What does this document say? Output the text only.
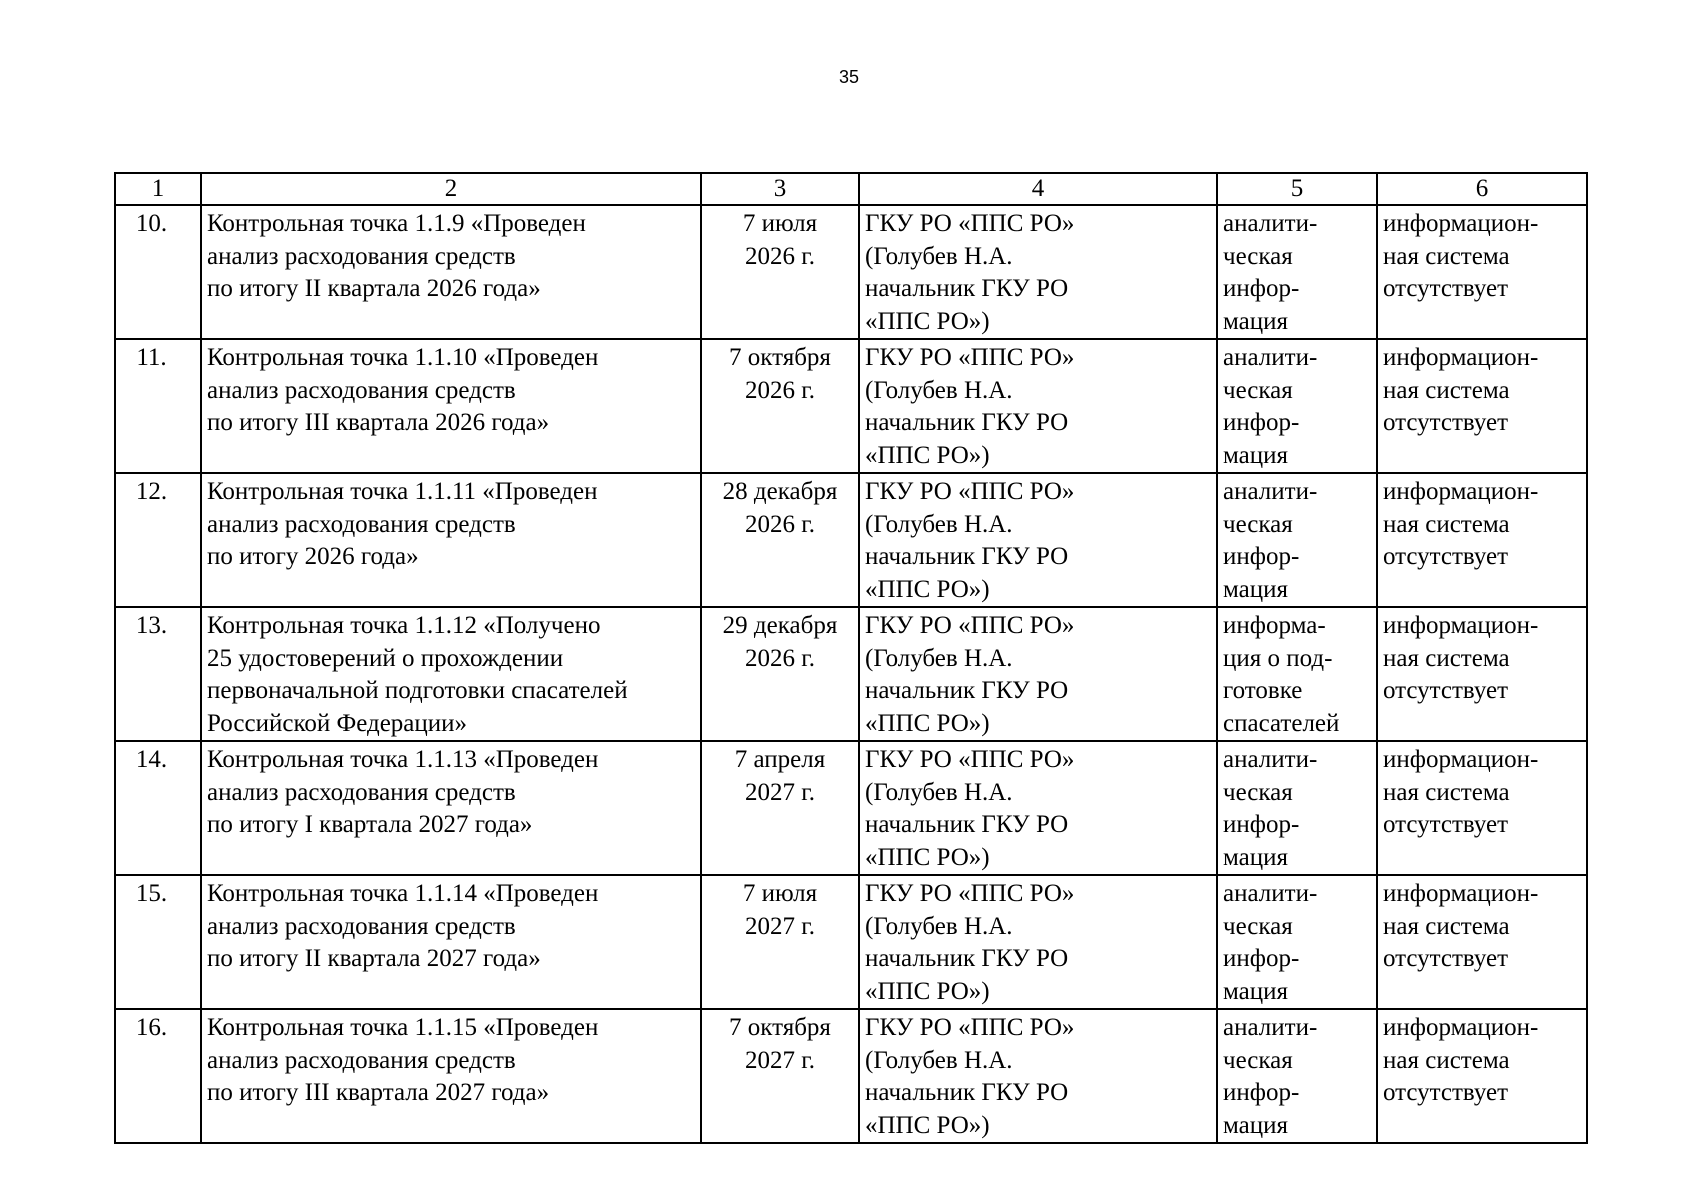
35
1	2	3	4	5	6
10.	Контрольная точка 1.1.9 «Проведен
анализ расходования средств
по итогу II квартала 2026 года»	7 июля
2026 г.	ГКУ РО «ППС РО»
(Голубев Н.А.
начальник ГКУ РО
«ППС РО»)	аналити-
ческая
инфор-
мация	информацион-
ная система
отсутствует

11.	Контрольная точка 1.1.10 «Проведен
анализ расходования средств
по итогу III квартала 2026 года»	7 октября
2026 г.	ГКУ РО «ППС РО»
(Голубев Н.А.
начальник ГКУ РО
«ППС РО»)	аналити-
ческая
инфор-
мация	информацион-
ная система
отсутствует

12.	Контрольная точка 1.1.11 «Проведен
анализ расходования средств
по итогу 2026 года»	28 декабря
2026 г.	ГКУ РО «ППС РО»
(Голубев Н.А.
начальник ГКУ РО
«ППС РО»)	аналити-
ческая
инфор-
мация	информацион-
ная система
отсутствует

13.	Контрольная точка 1.1.12 «Получено
25 удостоверений о прохождении
первоначальной подготовки спасателей
Российской Федерации»	29 декабря
2026 г.	ГКУ РО «ППС РО»
(Голубев Н.А.
начальник ГКУ РО
«ППС РО»)	информа-
ция о под-
готовке
спасателей	информацион-
ная система
отсутствует

14.	Контрольная точка 1.1.13 «Проведен
анализ расходования средств
по итогу I квартала 2027 года»	7 апреля
2027 г.	ГКУ РО «ППС РО»
(Голубев Н.А.
начальник ГКУ РО
«ППС РО»)	аналити-
ческая
инфор-
мация	информацион-
ная система
отсутствует

15.	Контрольная точка 1.1.14 «Проведен
анализ расходования средств
по итогу II квартала 2027 года»	7 июля
2027 г.	ГКУ РО «ППС РО»
(Голубев Н.А.
начальник ГКУ РО
«ППС РО»)	аналити-
ческая
инфор-
мация	информацион-
ная система
отсутствует

16.	Контрольная точка 1.1.15 «Проведен
анализ расходования средств
по итогу III квартала 2027 года»	7 октября
2027 г.	ГКУ РО «ППС РО»
(Голубев Н.А.
начальник ГКУ РО
«ППС РО»)	аналити-
ческая
инфор-
мация	информацион-
ная система
отсутствует
